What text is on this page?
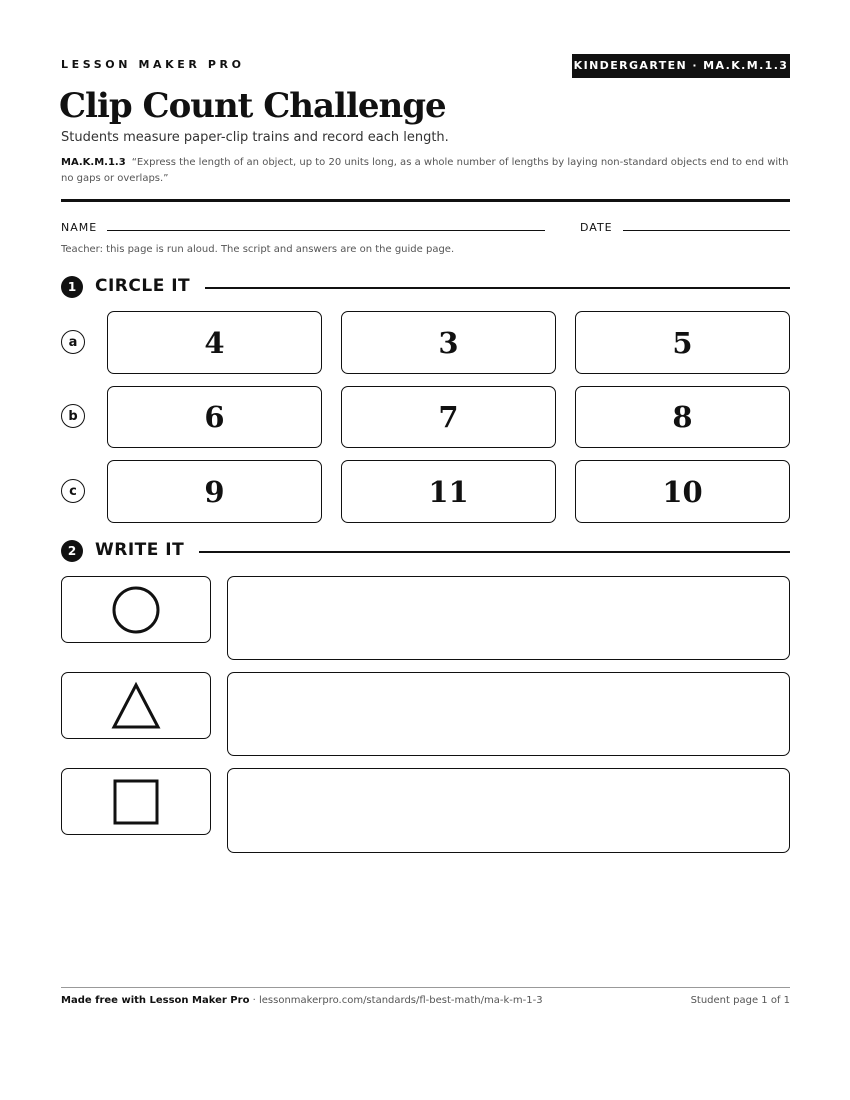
LESSON MAKER PRO	KINDERGARTEN · MA.K.M.1.3
Clip Count Challenge
Students measure paper-clip trains and record each length.
MA.K.M.1.3 “Express the length of an object, up to 20 units long, as a whole number of lengths by laying non-standard objects end to end with no gaps or overlaps.”
NAME	DATE
Teacher: this page is run aloud. The script and answers are on the guide page.
1	CIRCLE IT
a	4	3	5
b	6	7	8
c	9	11	10
2	WRITE IT
Made free with Lesson Maker Pro · lessonmakerpro.com/standards/fl-best-math/ma-k-m-1-3	Student page 1 of 1
